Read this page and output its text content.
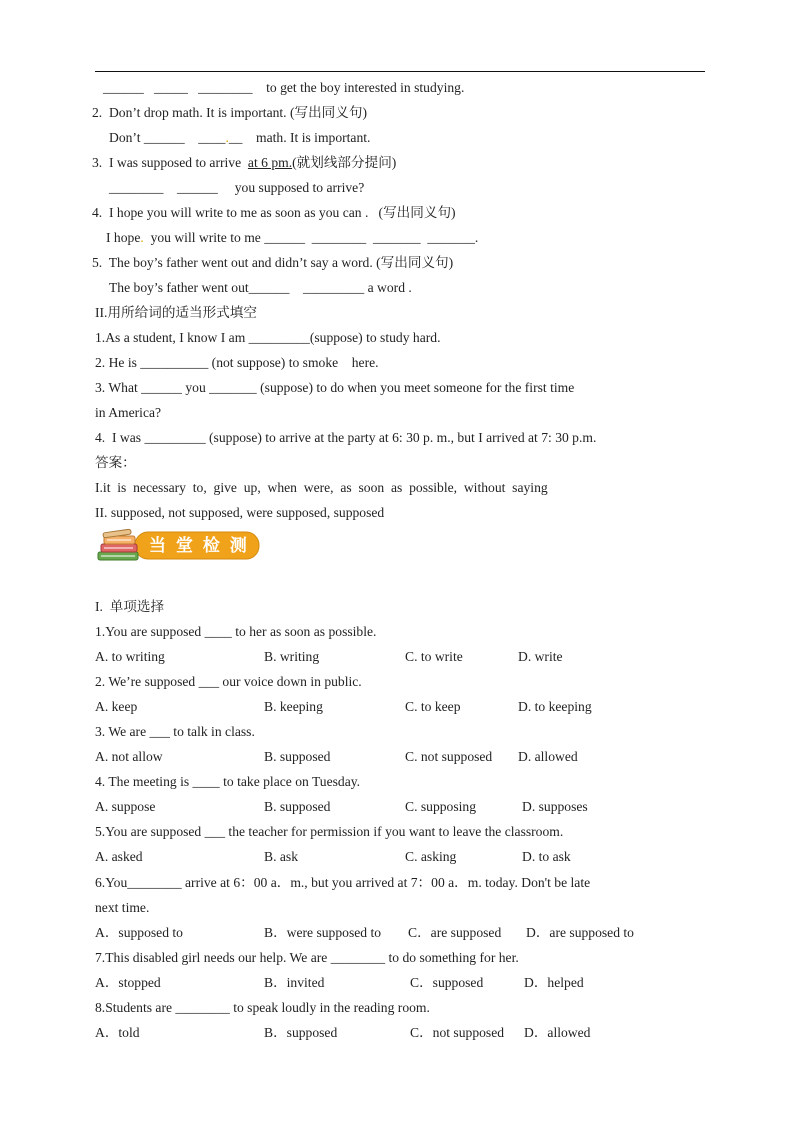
______   _____   ________    to get the boy interested in studying.
2.  Don’t drop math. It is important. (写出同义句)
Don’t ______    ____.__    math. It is important.
3.  I was supposed to arrive  at 6 pm.(就划线部分提问)
________    ______     you supposed to arrive?
4.  I hope you will write to me as soon as you can .   (写出同义句)
I hope.  you will write to me ______  ________  _______  _______.
5.  The boy’s father went out and didn’t say a word. (写出同义句)
The boy’s father went out______    _________ a word .
II.用所给词的适当形式填空
1.As a student, I know I am _________(suppose) to study hard.
2. He is __________ (not suppose) to smoke    here.
3. What ______ you _______ (suppose) to do when you meet someone for the first time
in America?
4.  I was _________ (suppose) to arrive at the party at 6: 30 p. m., but I arrived at 7: 30 p.m.
答案：
I.it  is  necessary  to,  give  up,  when  were,  as  soon  as  possible,  without  saying
II. supposed, not supposed, were supposed, supposed
当 堂 检 测
I.  单项选择
1.You are supposed ____ to her as soon as possible.
A. to writing	B. writing	C. to write	D. write
2. We’re supposed ___ our voice down in public.
A. keep	B. keeping	C. to keep	D. to keeping
3. We are ___ to talk in class.
A. not allow	B. supposed	C. not supposed D. allowed
4. The meeting is ____ to take place on Tuesday.
A. suppose	B. supposed	C. supposing	D. supposes
5.You are supposed ___ the teacher for permission if you want to leave the classroom.
A. asked	B. ask	C. asking	D. to ask
6.You________ arrive at 6：00 a．m., but you arrived at 7：00 a．m. today. Don't be late
next time.
A．supposed to	B．were supposed to C．are supposed D．are supposed to
7.This disabled girl needs our help. We are ________ to do something for her.
A．stopped	B．invited	C．supposed	D．helped
8.Students are ________ to speak loudly in the reading room.
A．told	B．supposed	C．not supposed D．allowed
